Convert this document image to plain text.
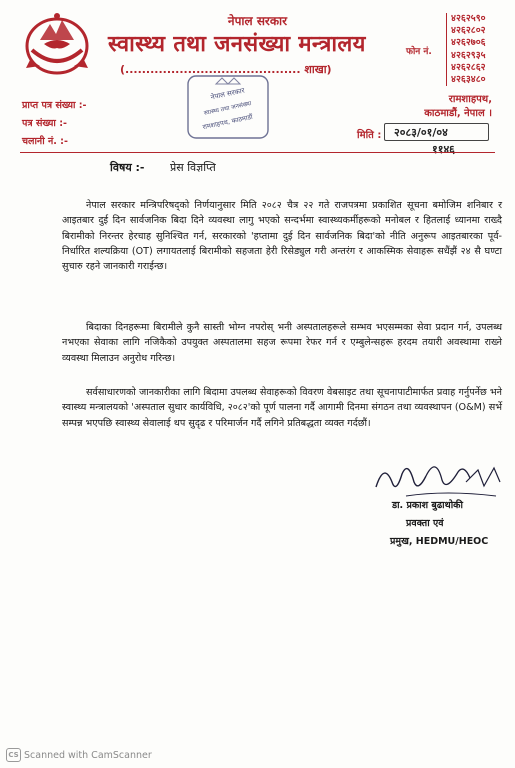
नेपाल सरकार
स्वास्थ्य तथा जनसंख्या मन्त्रालय
(.......................................... शाखा)
फोन नं.
४२६२५९०
४२६२८०२
४२६२७०६
४२६२९३५
४२६२८६२
४२६३४८०
नेपाल सरकार
स्वास्थ्य तथा जनसंख्या
रामशाहपथ, काठमाडौं
प्राप्त पत्र संख्या :-
पत्र संख्या :-
चलानी नं. :-
रामशाहपथ,
काठमाडौं, नेपाल ।
मिति : २०८३/०१/०४
११४६
विषय :- प्रेस विज्ञप्ति
नेपाल सरकार मन्त्रिपरिषद्को निर्णयानुसार मिति २०८२ चैत्र २२ गते राजपत्रमा प्रकाशित सूचना बमोजिम शनिबार र आइतबार दुई दिन सार्वजनिक बिदा दिने व्यवस्था लागु भएको सन्दर्भमा स्वास्थ्यकर्मीहरूको मनोबल र हितलाई ध्यानमा राख्दै बिरामीको निरन्तर हेरचाह सुनिश्चित गर्न, सरकारको 'हप्तामा दुई दिन सार्वजनिक बिदा'को नीति अनुरूप आइतबारका पूर्व-निर्धारित शल्यक्रिया (OT) लगायतलाई बिरामीको सहजता हेरी रिसेड्युल गरी अन्तरंग र आकस्मिक सेवाहरू सधैंझैं २४ सै घण्टा सुचारु रहने जानकारी गराईन्छ।
बिदाका दिनहरूमा बिरामीले कुनै सास्ती भोग्न नपरोस् भनी अस्पतालहरूले सम्भव भएसम्मका सेवा प्रदान गर्न, उपलब्ध नभएका सेवाका लागि नजिकैको उपयुक्त अस्पतालमा सहज रूपमा रेफर गर्न र एम्बुलेन्सहरू हरदम तयारी अवस्थामा राख्ने व्यवस्था मिलाउन अनुरोध गरिन्छ।
सर्वसाधारणको जानकारीका लागि बिदामा उपलब्ध सेवाहरूको विवरण वेबसाइट तथा सूचनापाटीमार्फत प्रवाह गर्नुपर्नेछ भने स्वास्थ्य मन्त्रालयको 'अस्पताल सुधार कार्यविधि, २०८२'को पूर्ण पालना गर्दै आगामी दिनमा संगठन तथा व्यवस्थापन (O&M) सर्भे सम्पन्न भएपछि स्वास्थ्य सेवालाई थप सुदृढ र परिमार्जन गर्दै लगिने प्रतिबद्धता व्यक्त गर्दछौं।
डा. प्रकाश बुढाथोकी
प्रवक्ता एवं
प्रमुख, HEDMU/HEOC
CS Scanned with CamScanner
